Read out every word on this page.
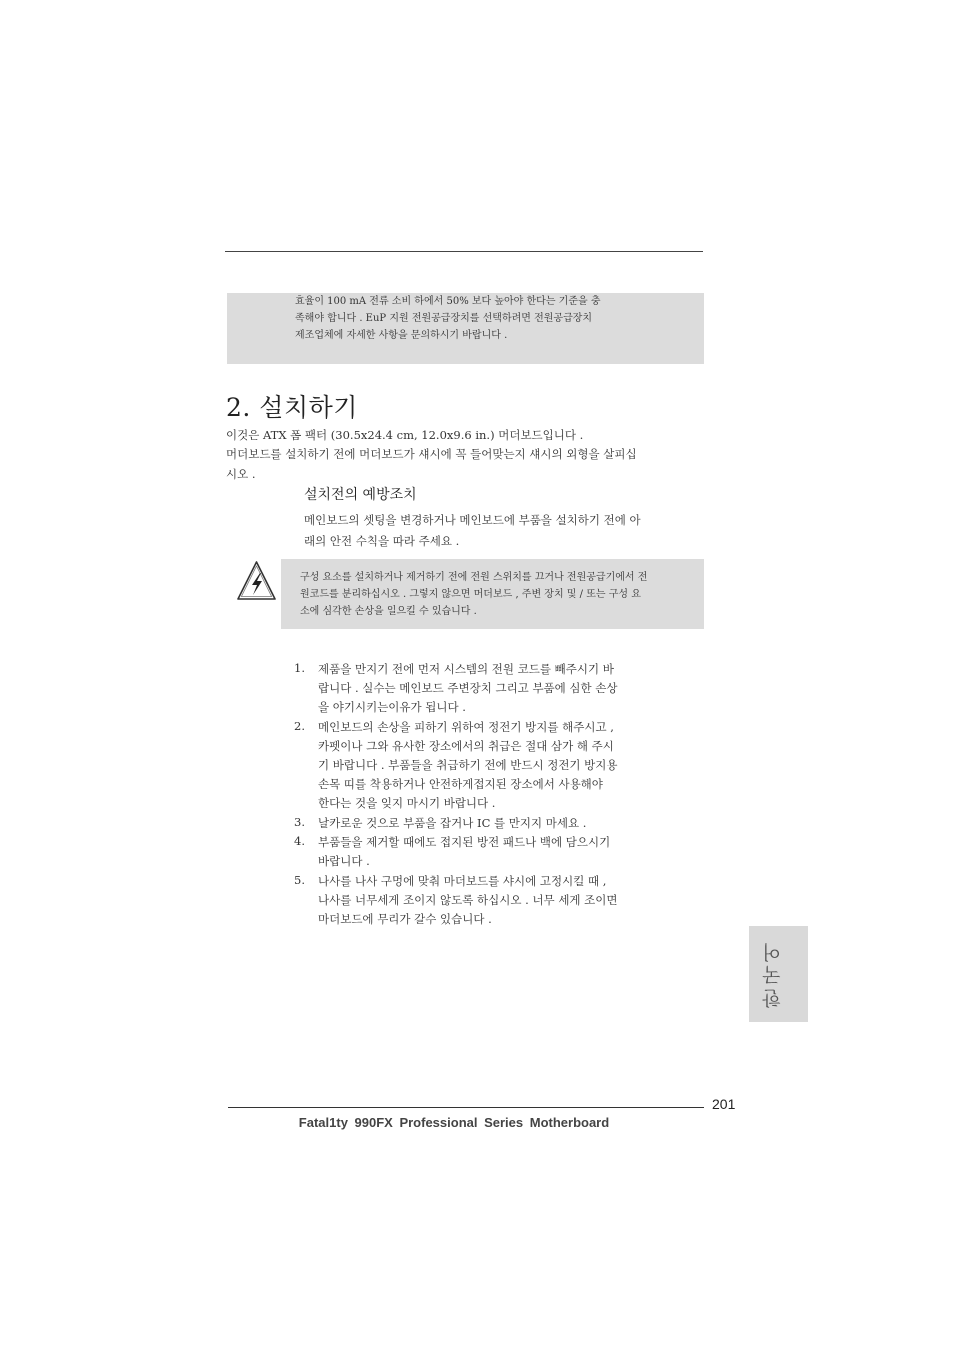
효율이 100 mA 전류 소비 하에서 50% 보다 높아야 한다는 기준을 충
족해야 합니다 . EuP 지원 전원공급장치를 선택하려면 전원공급장치
제조업체에 자세한 사항을 문의하시기 바랍니다 .
2. 설치하기
이것은 ATX 폼 팩터 (30.5x24.4 cm, 12.0x9.6 in.) 머더보드입니다 .
머더보드를 설치하기 전에 머더보드가 섀시에 꼭 들어맞는지 섀시의 외형을 살피십
시오 .
설치전의 예방조치
메인보드의 셋팅을 변경하거나 메인보드에 부품을 설치하기 전에 아
래의 안전 수칙을 따라 주세요 .
구성 요소를 설치하거나 제거하기 전에 전원 스위치를 끄거나 전원공급기에서 전
원코드를 분리하십시오 . 그렇지 않으면 머더보드 , 주변 장치 및 / 또는 구성 요
소에 심각한 손상을 일으킬 수 있습니다 .
1. 제품을 만지기 전에 먼저 시스템의 전원 코드를 빼주시기 바
랍니다 . 실수는 메인보드 주변장치 그리고 부품에 심한 손상
을 야기시키는이유가 됩니다 .
2. 메인보드의 손상을 피하기 위하여 정전기 방지를 해주시고 ,
카펫이나 그와 유사한 장소에서의 취급은 절대 삼가 해 주시
기 바랍니다 . 부품들을 취급하기 전에 반드시 정전기 방지용
손목 띠를 착용하거나 안전하게접지된 장소에서 사용해야
한다는 것을 잊지 마시기 바랍니다 .
3. 날카로운 것으로 부품을 잡거나 IC 를 만지지 마세요 .
4. 부품들을 제거할 때에도 접지된 방전 패드나 백에 담으시기
바랍니다 .
5. 나사를 나사 구멍에 맞춰 마더보드를 샤시에 고정시킬 때 ,
나사를 너무세게 조이지 않도록 하십시오 . 너무 세게 조이면
마더보드에 무리가 갈수 있습니다 .
한국어
201
Fatal1ty 990FX Professional Series Motherboard
